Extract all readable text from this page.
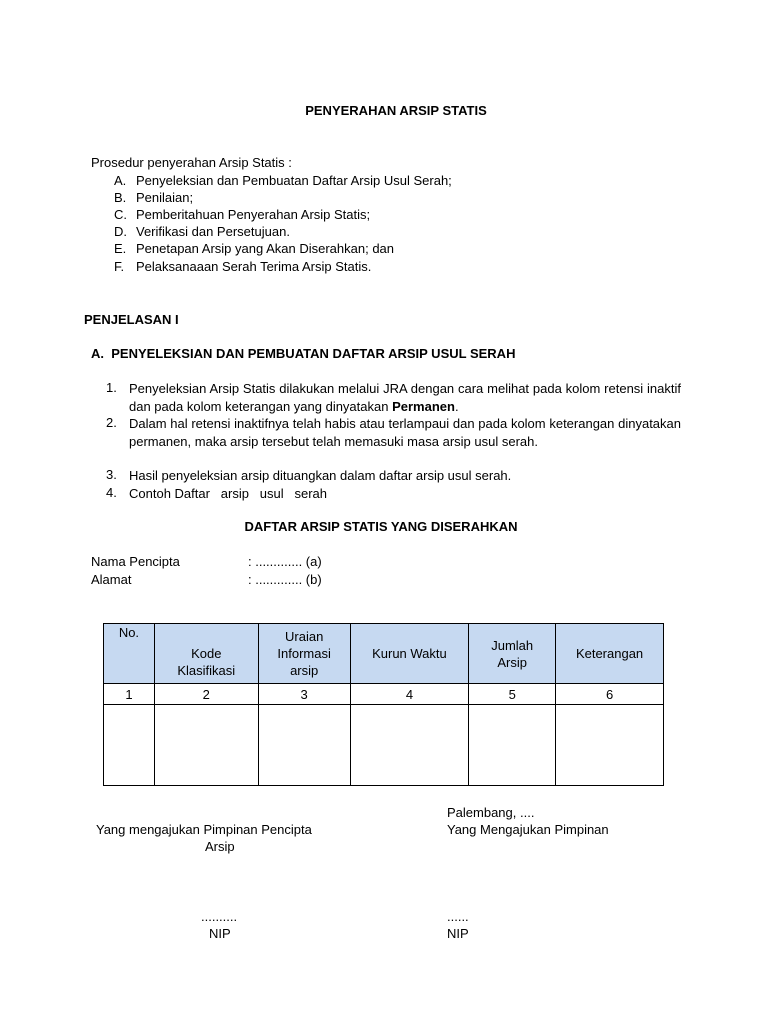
PENYERAHAN ARSIP STATIS
Prosedur penyerahan Arsip Statis :
A. Penyeleksian dan Pembuatan Daftar Arsip Usul Serah;
B. Penilaian;
C. Pemberitahuan Penyerahan Arsip Statis;
D. Verifikasi dan Persetujuan.
E. Penetapan Arsip yang Akan Diserahkan; dan
F. Pelaksanaaan Serah Terima Arsip Statis.
PENJELASAN I
A.  PENYELEKSIAN DAN PEMBUATAN DAFTAR ARSIP USUL SERAH
1. Penyeleksian Arsip Statis dilakukan melalui JRA dengan cara melihat pada kolom retensi inaktif dan pada kolom keterangan yang dinyatakan Permanen.
2. Dalam hal retensi inaktifnya telah habis atau terlampaui dan pada kolom keterangan dinyatakan permanen, maka arsip tersebut telah memasuki masa arsip usul serah.
3. Hasil penyeleksian arsip dituangkan dalam daftar arsip usul serah.
4. Contoh Daftar   arsip   usul   serah
DAFTAR ARSIP STATIS YANG DISERAHKAN
Nama Pencipta	: ............. (a)
Alamat	: ............. (b)
No.	Kode Klasifikasi	Uraian Informasi arsip	Kurun Waktu	Jumlah Arsip	Keterangan
1	2	3	4	5	6

Palembang, ....
Yang mengajukan Pimpinan Pencipta
Arsip
Yang Mengajukan Pimpinan
..........	......
NIP	NIP
